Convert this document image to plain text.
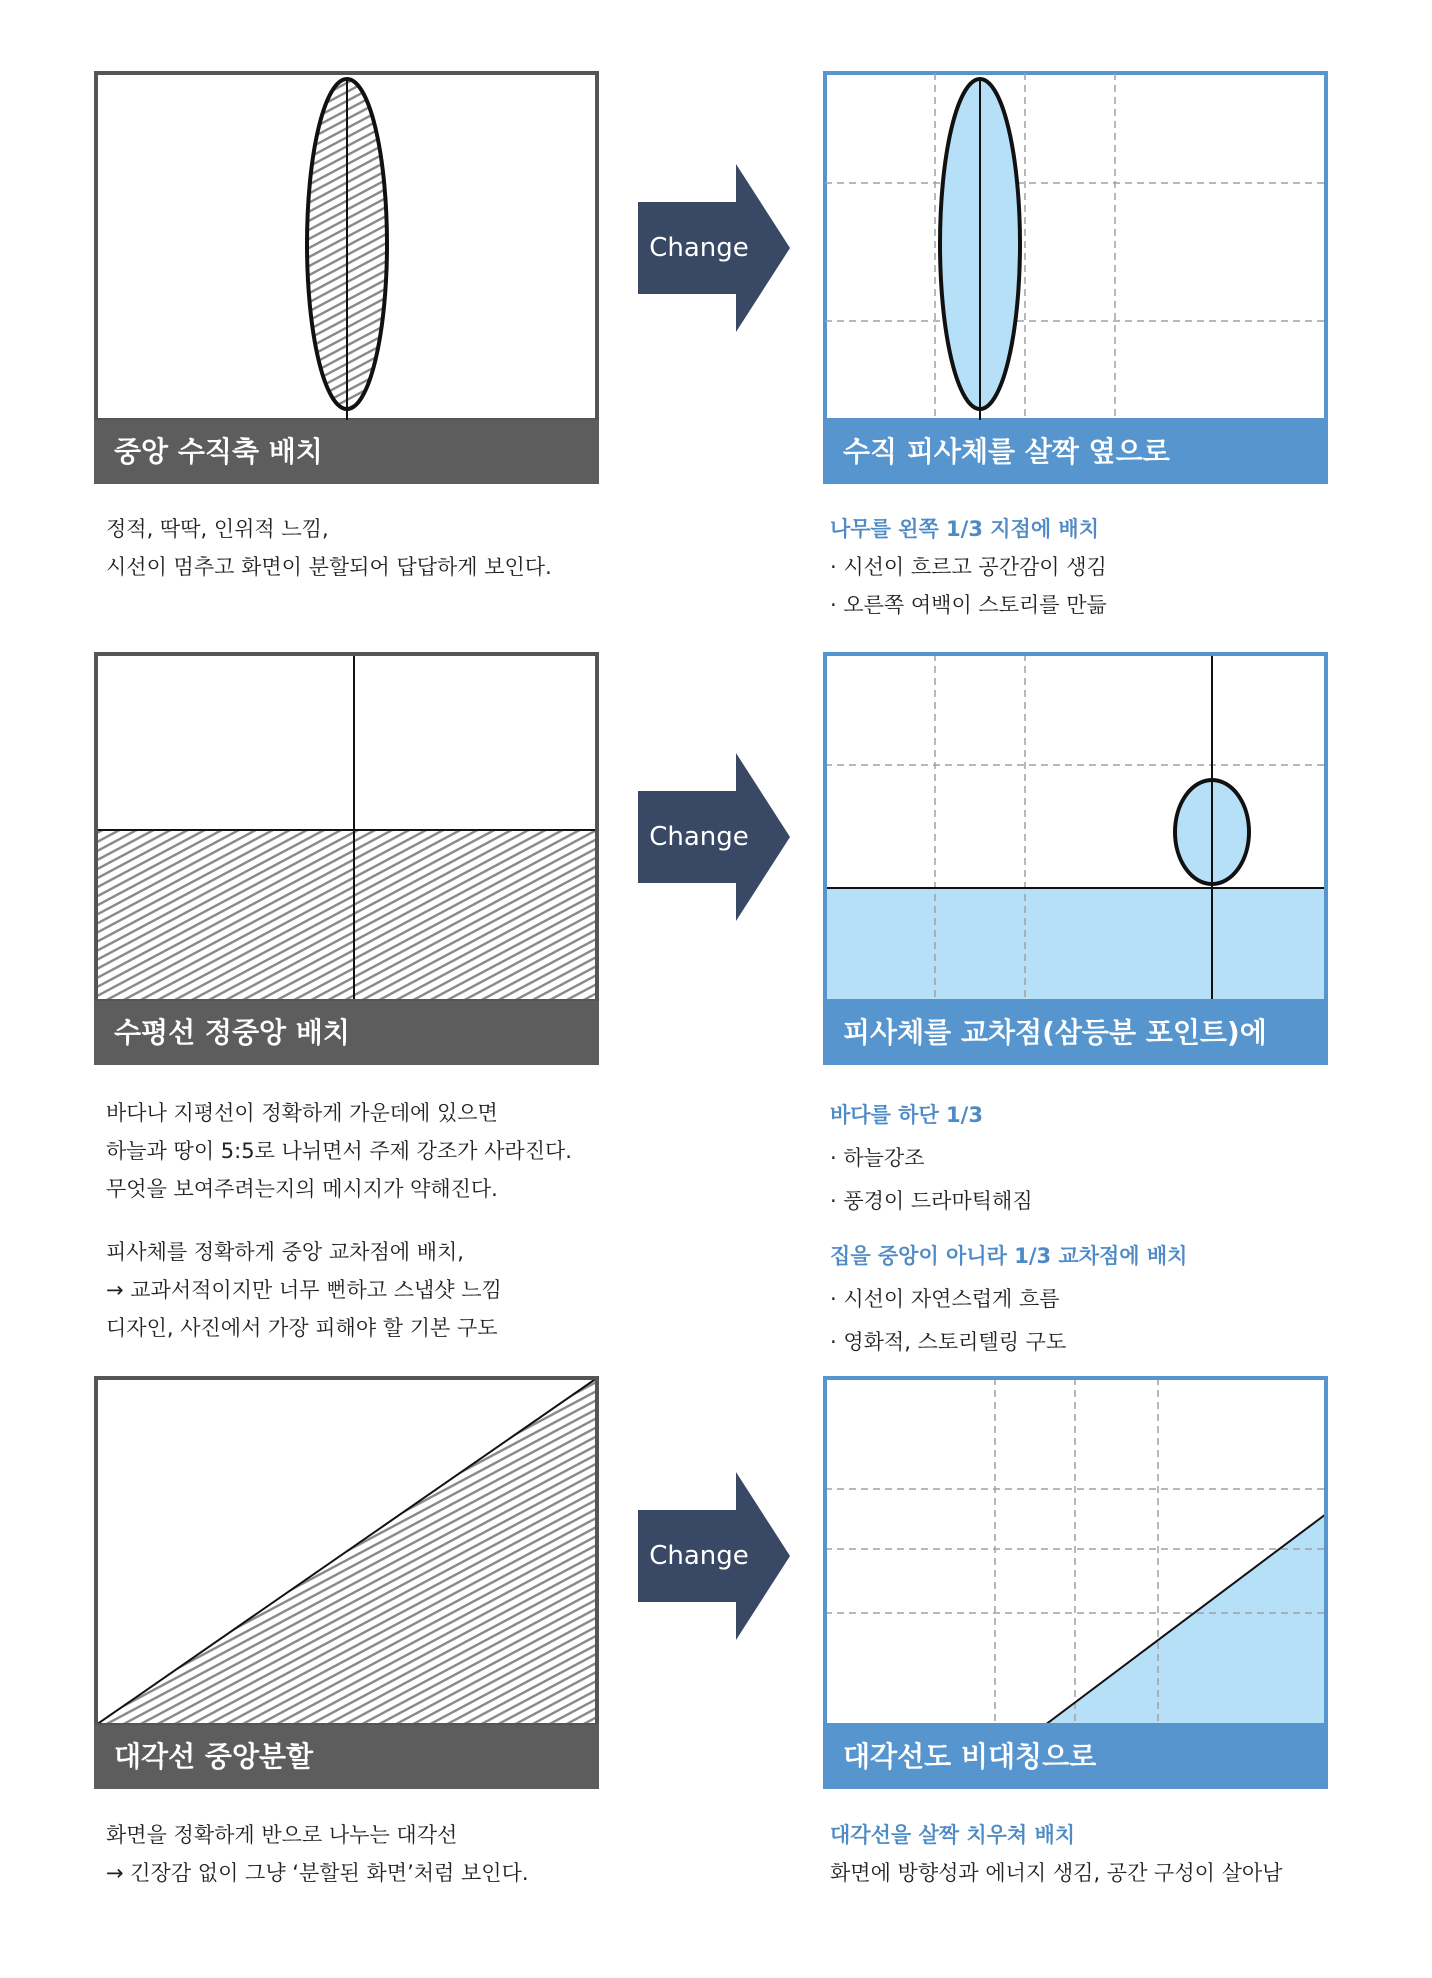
중앙 수직축 배치
Change
수직 피사체를 살짝 옆으로

정적, 딱딱, 인위적 느낌,

시선이 멈추고 화면이 분할되어 답답하게 보인다.

나무를 왼쪽 1/3 지점에 배치

· 시선이 흐르고 공간감이 생김

· 오른쪽 여백이 스토리를 만듦

수평선 정중앙 배치
Change
피사체를 교차점(삼등분 포인트)에

바다나 지평선이 정확하게 가운데에 있으면

하늘과 땅이 5:5로 나뉘면서 주제 강조가 사라진다.

무엇을 보여주려는지의 메시지가 약해진다.

피사체를 정확하게 중앙 교차점에 배치,

→ 교과서적이지만 너무 뻔하고 스냅샷 느낌

디자인, 사진에서 가장 피해야 할 기본 구도

바다를 하단 1/3

· 하늘강조

· 풍경이 드라마틱해짐

집을 중앙이 아니라 1/3 교차점에 배치

· 시선이 자연스럽게 흐름

· 영화적, 스토리텔링 구도

대각선 중앙분할
Change
대각선도 비대칭으로

화면을 정확하게 반으로 나누는 대각선

→ 긴장감 없이 그냥 ‘분할된 화면’처럼 보인다.

대각선을 살짝 치우쳐 배치

화면에 방향성과 에너지 생김, 공간 구성이 살아남
